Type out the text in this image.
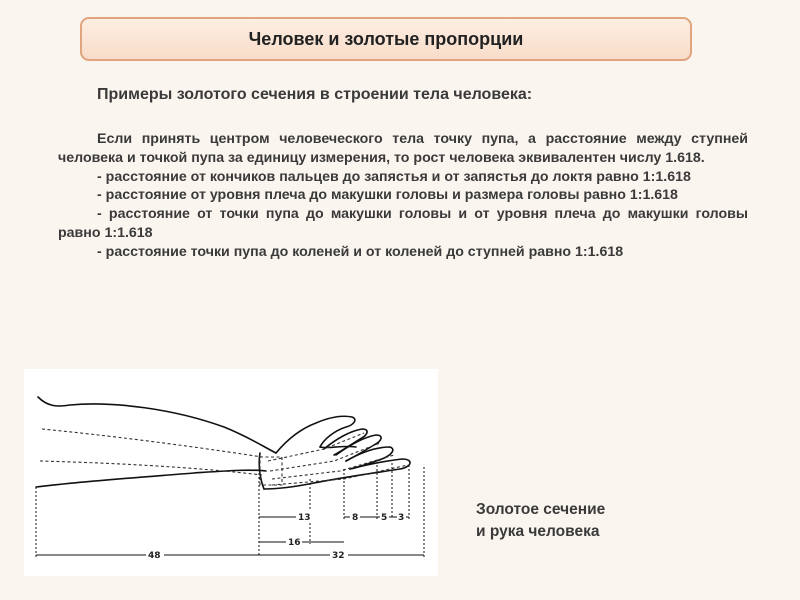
Человек и золотые пропорции
Примеры золотого сечения в строении тела человека:

Если принять центром человеческого тела точку пупа, а расстояние между ступней человека и точкой пупа за единицу измерения, то рост человека эквивалентен числу 1.618.

- расстояние от кончиков пальцев до запястья и от запястья до локтя равно 1:1.618

- расстояние от уровня плеча до макушки головы и размера головы равно 1:1.618

- расстояние от точки пупа до макушки головы и от уровня плеча до макушки головы равно 1:1.618

- расстояние точки пупа до коленей и от коленей до ступней равно 1:1.618

13	8	5 3
16
48	32
Золотое сечение
и рука человека
